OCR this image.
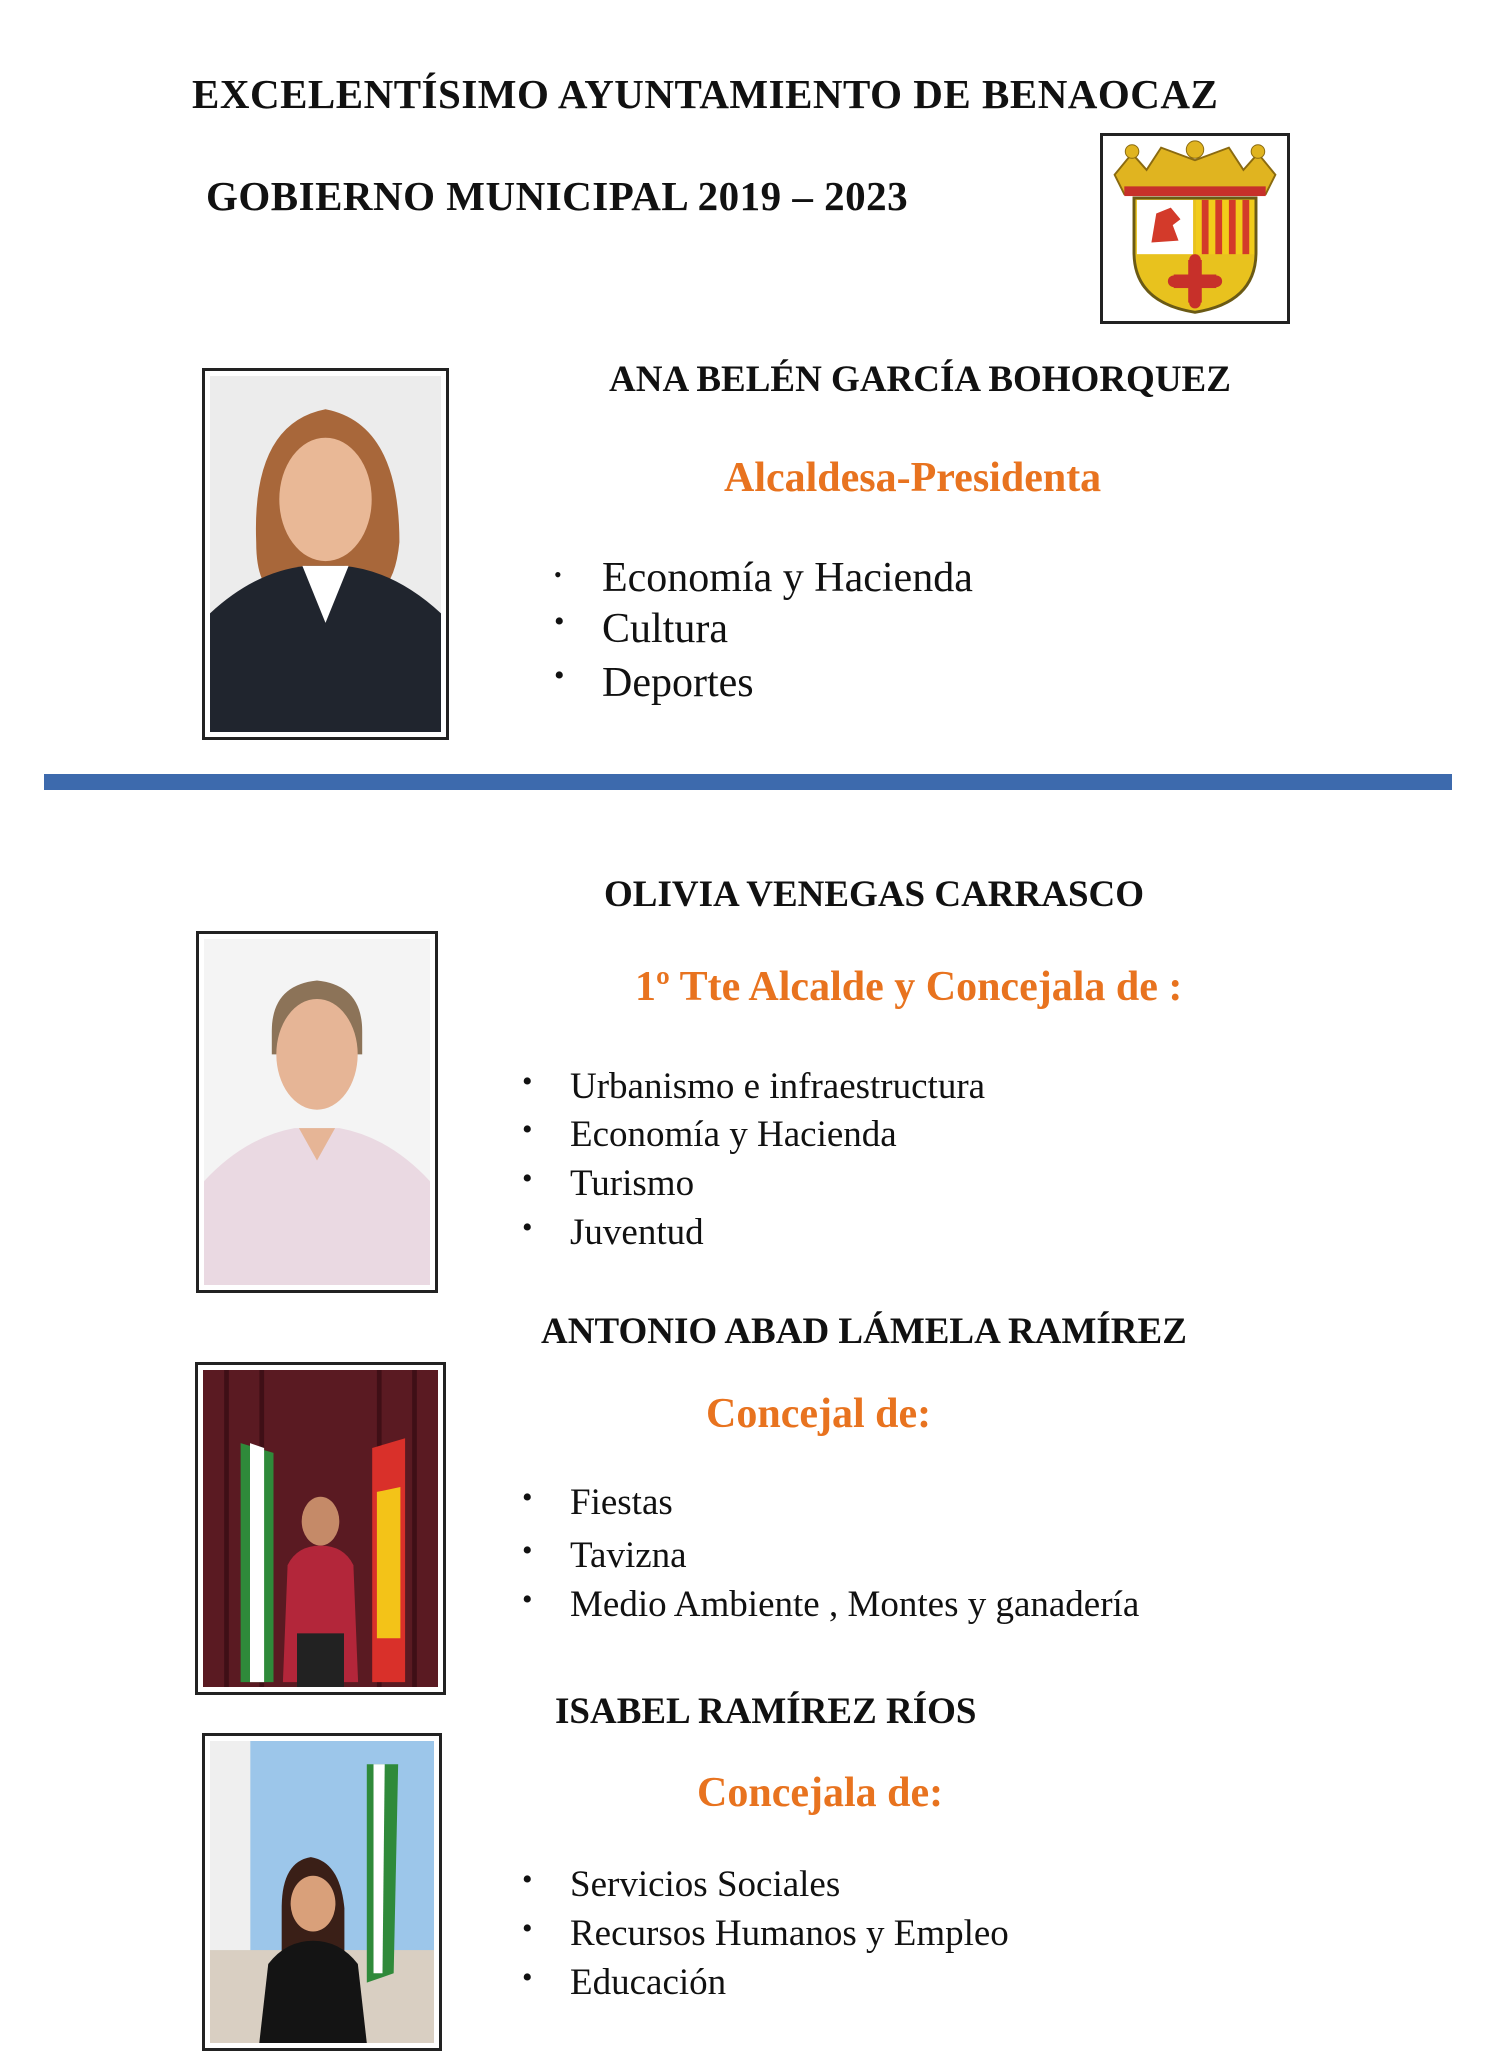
EXCELENTÍSIMO AYUNTAMIENTO DE BENAOCAZ
GOBIERNO MUNICIPAL 2019 – 2023
ANA BELÉN GARCÍA BOHORQUEZ
Alcaldesa-Presidenta
• Economía y Hacienda
• Cultura
• Deportes
OLIVIA VENEGAS CARRASCO
1º Tte Alcalde y Concejala de :
• Urbanismo e infraestructura
• Economía y Hacienda
• Turismo
• Juventud
ANTONIO ABAD LÁMELA RAMÍREZ
Concejal de:
• Fiestas
• Tavizna
• Medio Ambiente , Montes y ganadería
ISABEL RAMÍREZ RÍOS
Concejala de:
• Servicios Sociales
• Recursos Humanos y Empleo
• Educación
